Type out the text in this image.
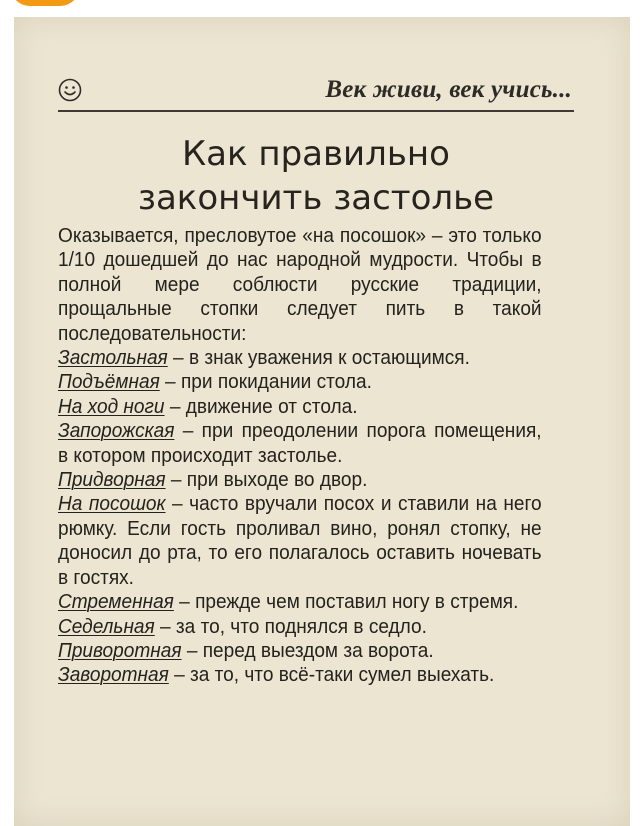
Век живи, век учись...
Как правильно
закончить застолье

Оказывается, пресловутое «на посошок» – это только 1/10 дошедшей до нас народной мудрости. Чтобы в полной мере соблюсти русские традиции, прощальные стопки следует пить в такой последовательности:

Застольная – в знак уважения к остающимся.

Подъёмная – при покидании стола.

На ход ноги – движение от стола.

Запорожская – при преодолении порога помещения, в котором происходит застолье.

Придворная – при выходе во двор.

На посошок – часто вручали посох и ставили на него рюмку. Если гость проливал вино, ронял стопку, не доносил до рта, то его полагалось оставить ночевать в гостях.

Стременная – прежде чем поставил ногу в стремя.

Седельная – за то, что поднялся в седло.

Приворотная – перед выездом за ворота.

Заворотная – за то, что всё-таки сумел выехать.
